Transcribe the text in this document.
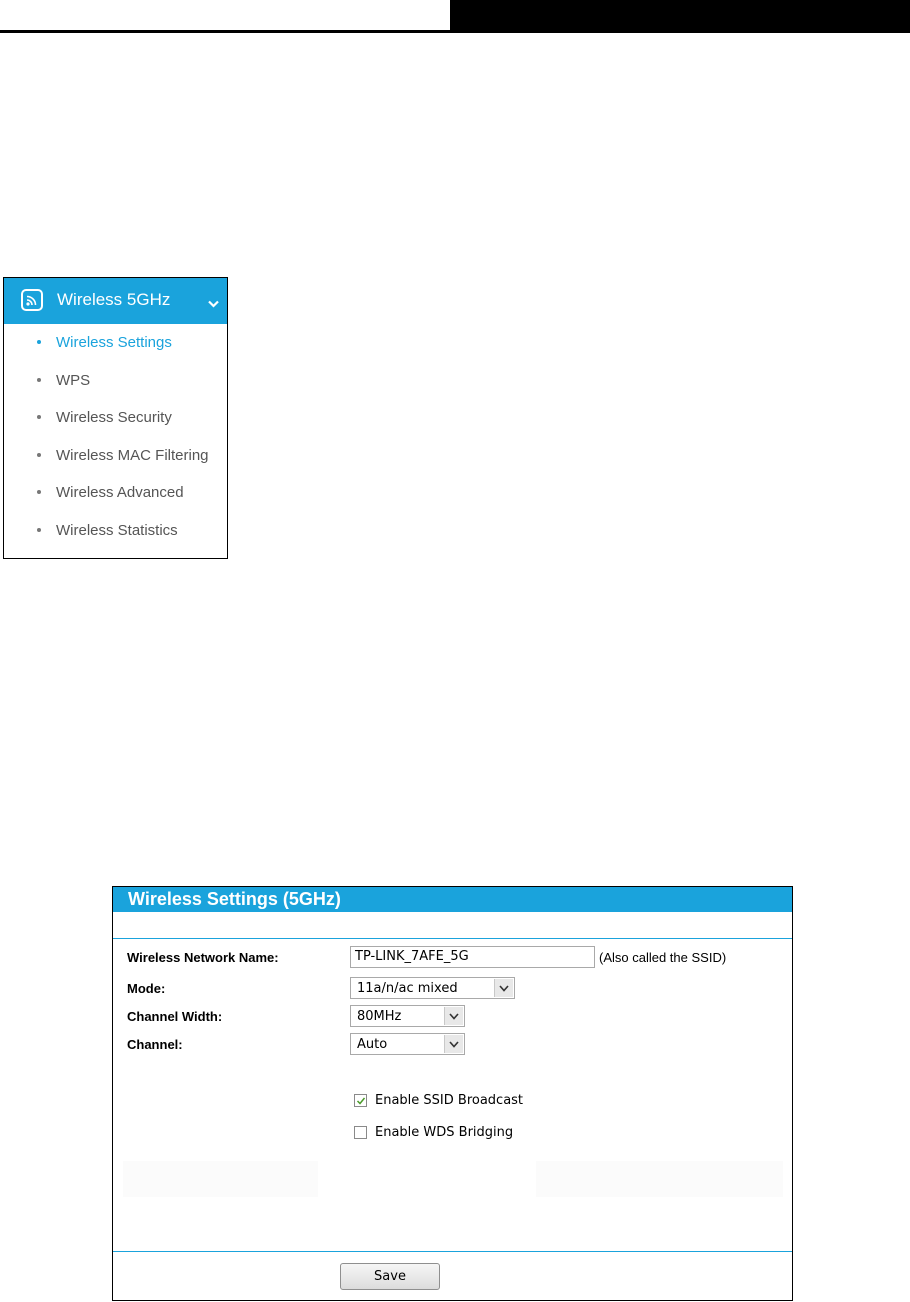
Wireless 5GHz
Wireless Settings
WPS
Wireless Security
Wireless MAC Filtering
Wireless Advanced
Wireless Statistics
Wireless Settings (5GHz)
Wireless Network Name:	TP-LINK_7AFE_5G	(Also called the SSID)
Mode:	11a/n/ac mixed
Channel Width:	80MHz
Channel:	Auto
Enable SSID Broadcast
Enable WDS Bridging
Save
